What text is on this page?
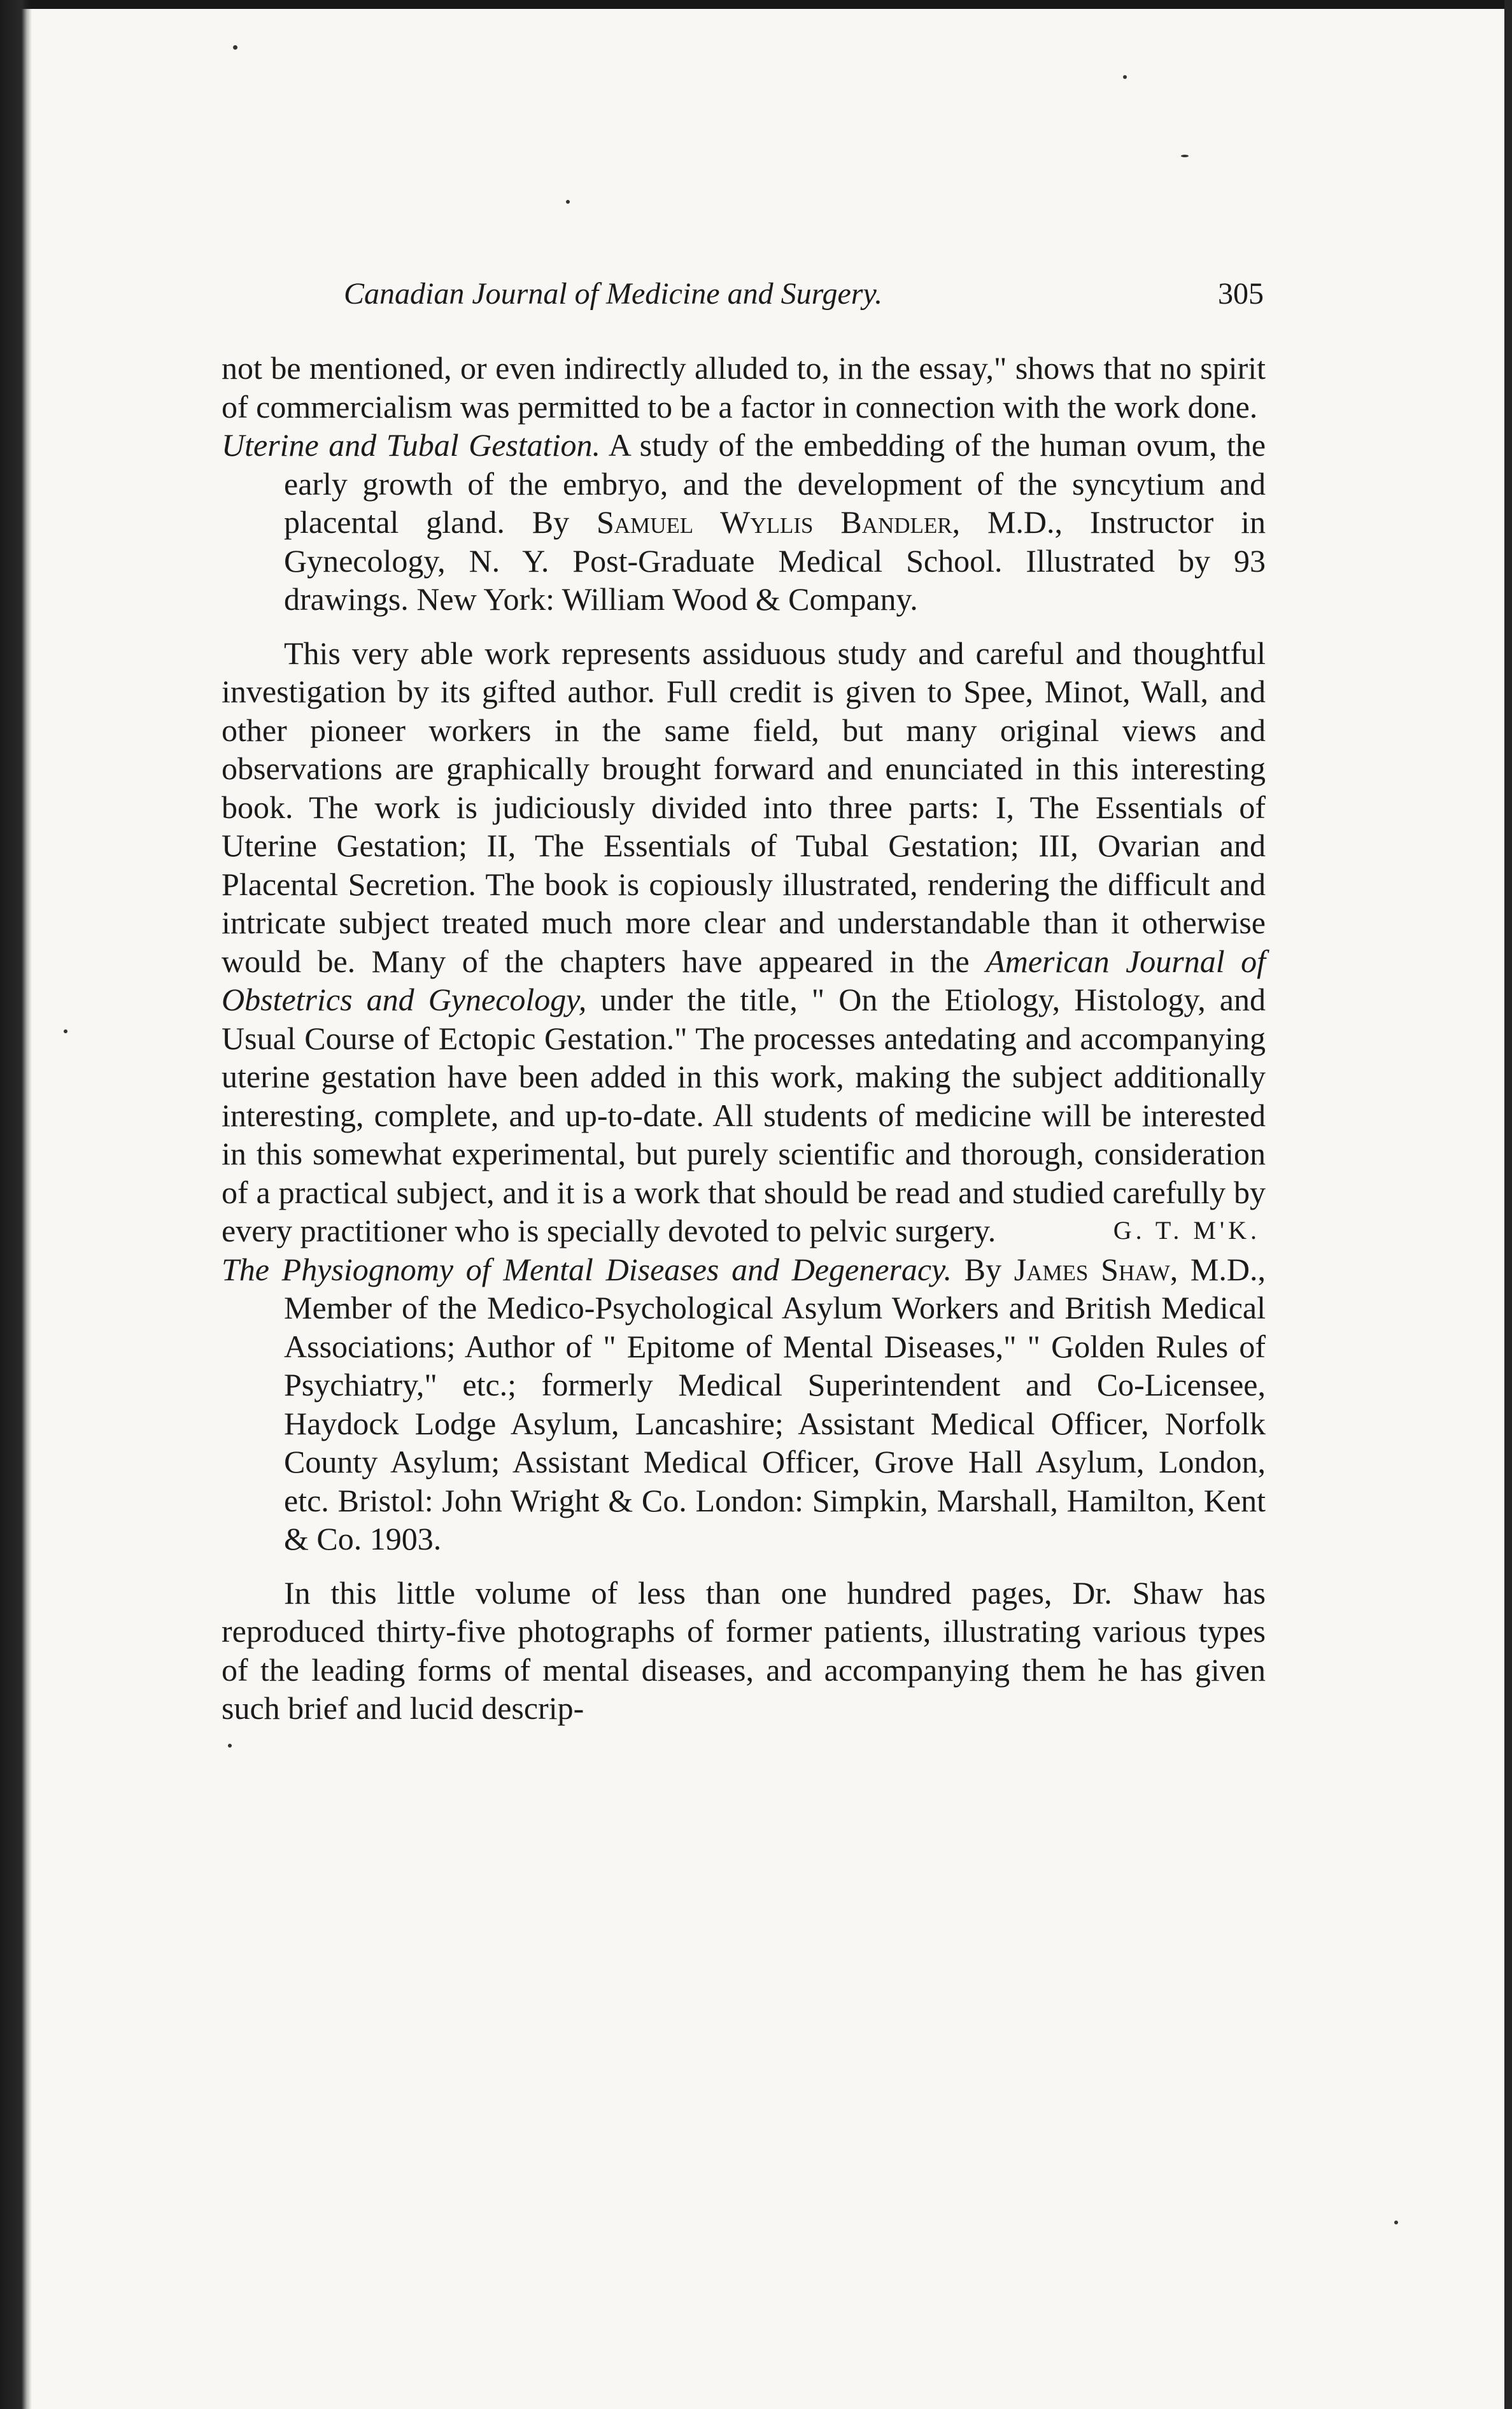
Canadian Journal of Medicine and Surgery.	305

not be mentioned, or even indirectly alluded to, in the essay," shows that no spirit of commercialism was permitted to be a factor in connection with the work done.

Uterine and Tubal Gestation. A study of the embedding of the human ovum, the early growth of the embryo, and the development of the syncytium and placental gland. By Samuel Wyllis Bandler, M.D., Instructor in Gynecology, N. Y. Post-Graduate Medical School. Illustrated by 93 drawings. New York: William Wood & Company.

This very able work represents assiduous study and careful and thoughtful investigation by its gifted author. Full credit is given to Spee, Minot, Wall, and other pioneer workers in the same field, but many original views and observations are graphically brought forward and enunciated in this interesting book. The work is judiciously divided into three parts: I, The Essentials of Uterine Gestation; II, The Essentials of Tubal Gestation; III, Ovarian and Placental Secretion. The book is copiously illustrated, rendering the difficult and intricate subject treated much more clear and understandable than it otherwise would be. Many of the chapters have appeared in the American Journal of Obstetrics and Gynecology, under the title, " On the Etiology, Histology, and Usual Course of Ectopic Gestation." The processes antedating and accompanying uterine gestation have been added in this work, making the subject additionally interesting, complete, and up-to-date. All students of medicine will be interested in this somewhat experimental, but purely scientific and thorough, consideration of a practical subject, and it is a work that should be read and studied carefully by every practitioner who is specially devoted to pelvic surgery.	G. T. M'K.

The Physiognomy of Mental Diseases and Degeneracy. By James Shaw, M.D., Member of the Medico-Psychological Asylum Workers and British Medical Associations; Author of " Epitome of Mental Diseases," " Golden Rules of Psychiatry," etc.; formerly Medical Superintendent and Co-Licensee, Haydock Lodge Asylum, Lancashire; Assistant Medical Officer, Norfolk County Asylum; Assistant Medical Officer, Grove Hall Asylum, London, etc. Bristol: John Wright & Co. London: Simpkin, Marshall, Hamilton, Kent & Co. 1903.

In this little volume of less than one hundred pages, Dr. Shaw has reproduced thirty-five photographs of former patients, illustrating various types of the leading forms of mental diseases, and accompanying them he has given such brief and lucid descrip-
